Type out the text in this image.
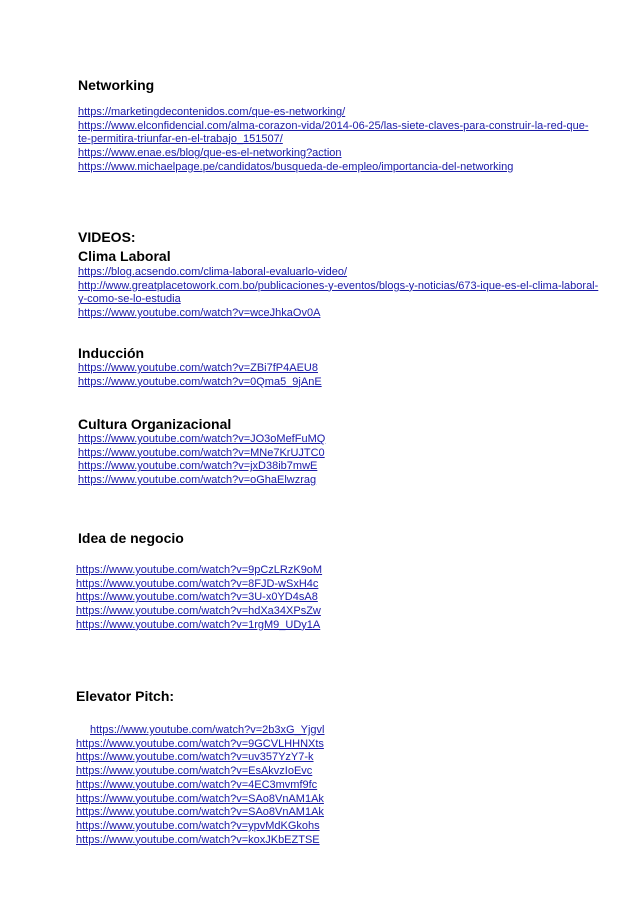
Networking
https://marketingdecontenidos.com/que-es-networking/
https://www.elconfidencial.com/alma-corazon-vida/2014-06-25/las-siete-claves-para-construir-la-red-que-te-permitira-triunfar-en-el-trabajo_151507/
https://www.enae.es/blog/que-es-el-networking?action
https://www.michaelpage.pe/candidatos/busqueda-de-empleo/importancia-del-networking
VIDEOS:
Clima Laboral
https://blog.acsendo.com/clima-laboral-evaluarlo-video/
http://www.greatplacetowork.com.bo/publicaciones-y-eventos/blogs-y-noticias/673-ique-es-el-clima-laboral-y-como-se-lo-estudia
https://www.youtube.com/watch?v=wceJhkaOv0A
Inducción
https://www.youtube.com/watch?v=ZBi7fP4AEU8
https://www.youtube.com/watch?v=0Qma5_9jAnE
Cultura Organizacional
https://www.youtube.com/watch?v=JO3oMefFuMQ
https://www.youtube.com/watch?v=MNe7KrUJTC0
https://www.youtube.com/watch?v=jxD38ib7mwE
https://www.youtube.com/watch?v=oGhaElwzrag
Idea de negocio
https://www.youtube.com/watch?v=9pCzLRzK9oM
https://www.youtube.com/watch?v=8FJD-wSxH4c
https://www.youtube.com/watch?v=3U-x0YD4sA8
https://www.youtube.com/watch?v=hdXa34XPsZw
https://www.youtube.com/watch?v=1rgM9_UDy1A
Elevator Pitch:
https://www.youtube.com/watch?v=2b3xG_Yjgvl
https://www.youtube.com/watch?v=9GCVLHHNXts
https://www.youtube.com/watch?v=uv357YzY7-k
https://www.youtube.com/watch?v=EsAkvzIoEvc
https://www.youtube.com/watch?v=4EC3mvmf9fc
https://www.youtube.com/watch?v=SAo8VnAM1Ak
https://www.youtube.com/watch?v=SAo8VnAM1Ak
https://www.youtube.com/watch?v=ypvMdKGkohs
https://www.youtube.com/watch?v=koxJKbEZTSE
